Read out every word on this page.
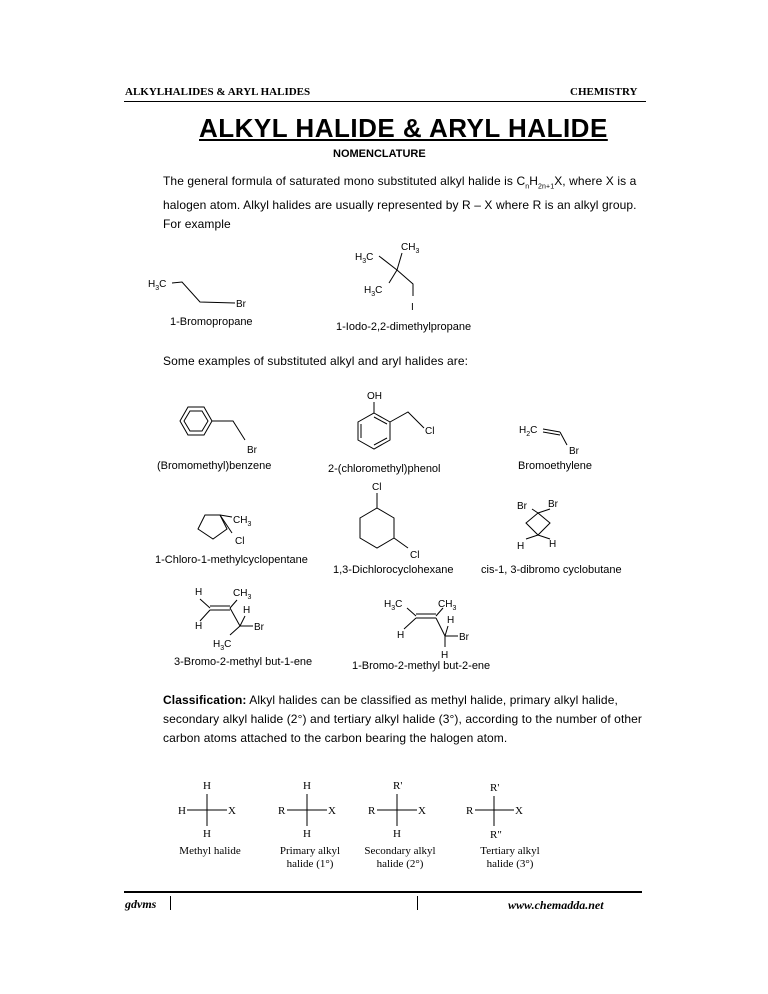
ALKYLHALIDES & ARYL HALIDES	CHEMISTRY
ALKYL HALIDE & ARYL HALIDE
NOMENCLATURE
The general formula of saturated mono substituted alkyl halide is $C_nH_{2n+1}X$, where X is a
halogen atom. Alkyl halides are usually represented by R – X where R is an alkyl group.
For example
$H_3C$
Br
1-Bromopropane
$CH_3$
$H_3C$
$H_3C$
I
1-Iodo-2,2-dimethylpropane
Some examples of substituted alkyl and aryl halides are:
Br
(Bromomethyl)benzene
OH
Cl
2-(chloromethyl)phenol
$H_2C$
Br
Bromoethylene
$CH_3$
Cl
1-Chloro-1-methylcyclopentane
Cl
Cl
1,3-Dichlorocyclohexane
Br Br
H H
cis-1, 3-dibromo cyclobutane
H	$CH_3$
H
H
Br
$H_3C$
3-Bromo-2-methyl but-1-ene
$H_3C$	$CH_3$
H
H
Br
H
1-Bromo-2-methyl but-2-ene
Classification: Alkyl halides can be classified as methyl halide, primary alkyl halide,
secondary alkyl halide (2°) and tertiary alkyl halide (3°), according to the number of other
carbon atoms attached to the carbon bearing the halogen atom.
H
H	X
H
H
R	X
H
R'
R	X
H
R'
R	X
R"
Methyl halide	Primary alkyl
halide (1°)
Secondary alkyl
halide (2°)
Tertiary alkyl
halide (3°)
gdvms	www.chemadda.net
